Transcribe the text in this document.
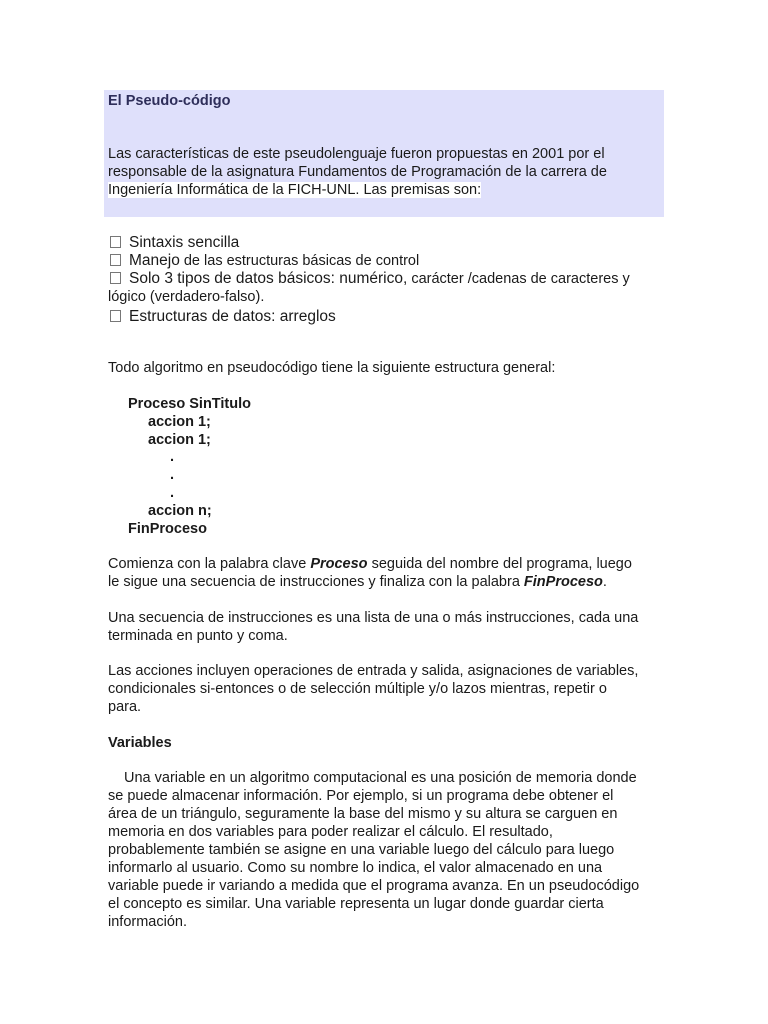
El Pseudo-código
Las características de este pseudolenguaje fueron propuestas en 2001 por el
responsable de la asignatura Fundamentos de Programación de la carrera de
Ingeniería Informática de la FICH-UNL. Las premisas son:
Sintaxis sencilla
Manejo de las estructuras básicas de control
Solo 3 tipos de datos básicos: numérico, carácter /cadenas de caracteres y
lógico (verdadero-falso).
Estructuras de datos: arreglos
Todo algoritmo en pseudocódigo tiene la siguiente estructura general:
Proceso SinTitulo
accion 1;
accion 1;
.
.
.
accion n;
FinProceso
Comienza con la palabra clave Proceso seguida del nombre del programa, luego
le sigue una secuencia de instrucciones y finaliza con la palabra FinProceso.
Una secuencia de instrucciones es una lista de una o más instrucciones, cada una
terminada en punto y coma.
Las acciones incluyen operaciones de entrada y salida, asignaciones de variables,
condicionales si-entonces o de selección múltiple y/o lazos mientras, repetir o
para.
Variables
Una variable en un algoritmo computacional es una posición de memoria donde
se puede almacenar información. Por ejemplo, si un programa debe obtener el
área de un triángulo, seguramente la base del mismo y su altura se carguen en
memoria en dos variables para poder realizar el cálculo. El resultado,
probablemente también se asigne en una variable luego del cálculo para luego
informarlo al usuario. Como su nombre lo indica, el valor almacenado en una
variable puede ir variando a medida que el programa avanza. En un pseudocódigo
el concepto es similar. Una variable representa un lugar donde guardar cierta
información.
